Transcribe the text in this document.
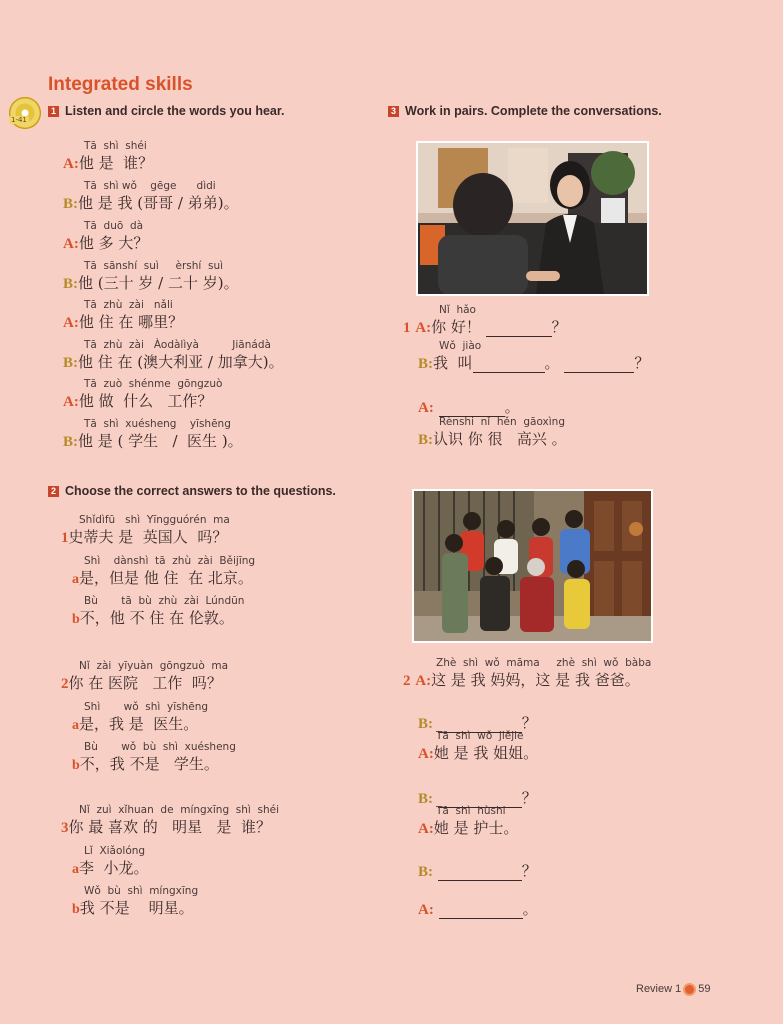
Integrated skills
1-41
1 Listen and circle the words you hear.
Tā  shì  shéi
A:他 是  谁？
Tā  shì wǒ    gēge      dìdi
B:他 是 我 (哥哥 / 弟弟)。
Tā  duō  dà
A:他 多 大？
Tā  sānshí  suì     èrshí  suì
B:他 (三十 岁 / 二十 岁)。
Tā  zhù  zài   nǎli
A:他 住 在 哪里？
Tā  zhù  zài   Àodàlìyà          Jiānádà
B:他 住 在 (澳大利亚 / 加拿大)。
Tā  zuò  shénme  gōngzuò
A:他 做  什么   工作？
Tā  shì  xuésheng    yīshēng
B:他 是 ( 学生   /  医生 )。
2 Choose the correct answers to the questions.
Shǐdìfū   shì  Yīngguórén  ma
1史蒂夫 是  英国人  吗？
Shì    dànshì  tā  zhù  zài  Běijīng
a是，但是 他 住  在 北京。
Bù       tā  bù  zhù  zài  Lúndūn
b不，他 不 住 在 伦敦。
Nǐ  zài  yīyuàn  gōngzuò  ma
2你 在 医院   工作  吗？
Shì       wǒ  shì  yīshēng
a是，我 是  医生。
Bù       wǒ  bù  shì  xuésheng
b不，我 不是   学生。
Nǐ  zuì  xǐhuan  de  míngxīng  shì  shéi
3你 最 喜欢 的   明星   是  谁？
Lǐ  Xiǎolóng
a李  小龙。
Wǒ  bù  shì  míngxīng
b我 不是    明星。
3 Work in pairs. Complete the conversations.
Nǐ  hǎo
1 A:你 好！	？
Wǒ  jiào
B:我  叫	。	？
A:	。
Rènshi  nǐ  hěn  gāoxìng
B:认识 你 很   高兴 。
Zhè  shì  wǒ  māma     zhè  shì  wǒ  bàba
2 A:这 是 我 妈妈，这 是 我 爸爸。
B:	？
Tā  shì  wǒ  jiějie
A:她 是 我 姐姐。
B:	？
Tā  shì  hùshi
A:她 是 护士。
B:	？
A:	。
Review 1 59
